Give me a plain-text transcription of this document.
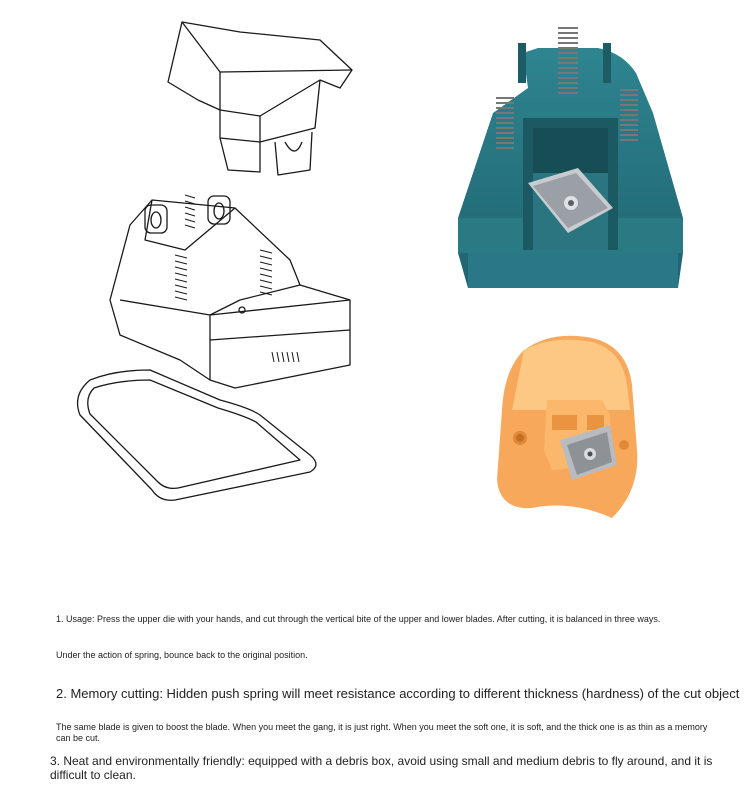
1. Usage: Press the upper die with your hands, and cut through the vertical bite of the upper and lower blades. After cutting, it is balanced in three ways.

Under the action of spring, bounce back to the original position.

2. Memory cutting: Hidden push spring will meet resistance according to different thickness (hardness) of the cut object

The same blade is given to boost the blade. When you meet the gang, it is just right. When you meet the soft one, it is soft, and the thick one is as thin as a memory can be cut.

3. Neat and environmentally friendly: equipped with a debris box, avoid using small and medium debris to fly around, and it is difficult to clean.
